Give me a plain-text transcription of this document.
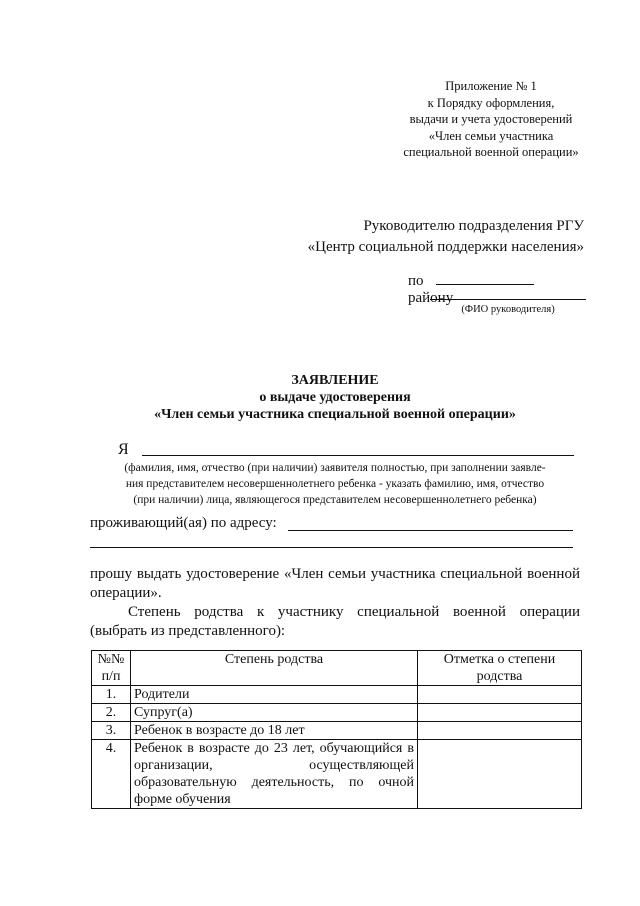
Приложение № 1
к Порядку оформления,
выдачи и учета удостоверений
«Член семьи участника
специальной военной операции»
Руководителю подразделения РГУ
«Центр социальной поддержки населения»
порайону
(ФИО руководителя)
ЗАЯВЛЕНИЕ
о выдаче удостоверения
«Член семьи участника специальной военной операции»
Я
(фамилия, имя, отчество (при наличии) заявителя полностью, при заполнении заявле-
ния представителем несовершеннолетнего ребенка - указать фамилию, имя, отчество
(при наличии) лица, являющегося представителем несовершеннолетнего ребенка)
проживающий(ая) по адресу:
прошу выдать удостоверение «Член семьи участника специальной военной операции».
Степень родства к участнику специальной военной операции (выбрать из представленного):
№№ п/п	Степень родства	Отметка о степени родства
1.	Родители	
2.	Супруг(а)	
3.	Ребенок в возрасте до 18 лет	
4.	Ребенок в возрасте до 23 лет, обучающийся в организации, осуществляющей образовательную деятельность, по очной форме обучения	
